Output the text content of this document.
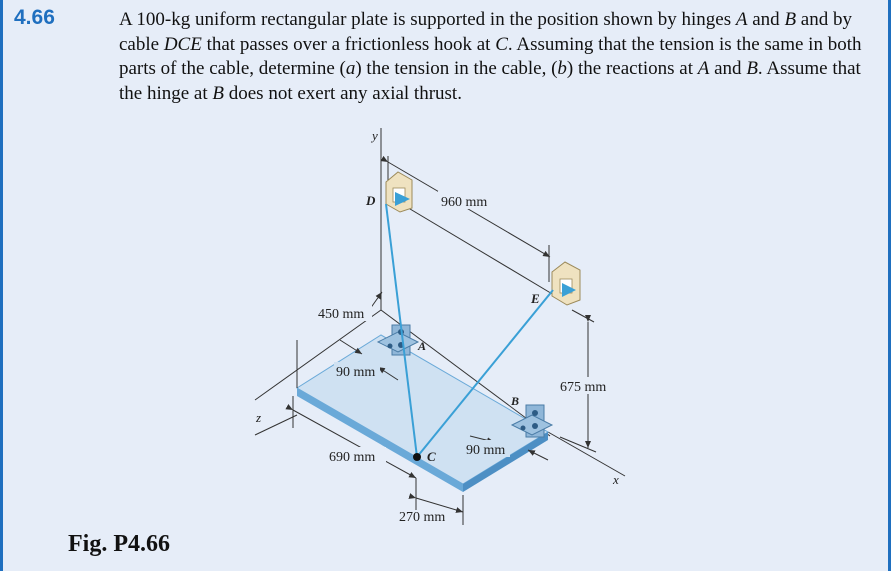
4.66	A 100-kg uniform rectangular plate is supported in the position shown by hinges A and B and by cable DCE that passes over a frictionless hook at C. Assuming that the tension is the same in both parts of the cable, determine (a) the tension in the cable, (b) the reactions at A and B. Assume that the hinge at B does not exert any axial thrust.
y
z
x
960 mm
A
B
D
E
C
450 mm
90 mm
690 mm
270 mm
90 mm
675 mm
Fig. P4.66
